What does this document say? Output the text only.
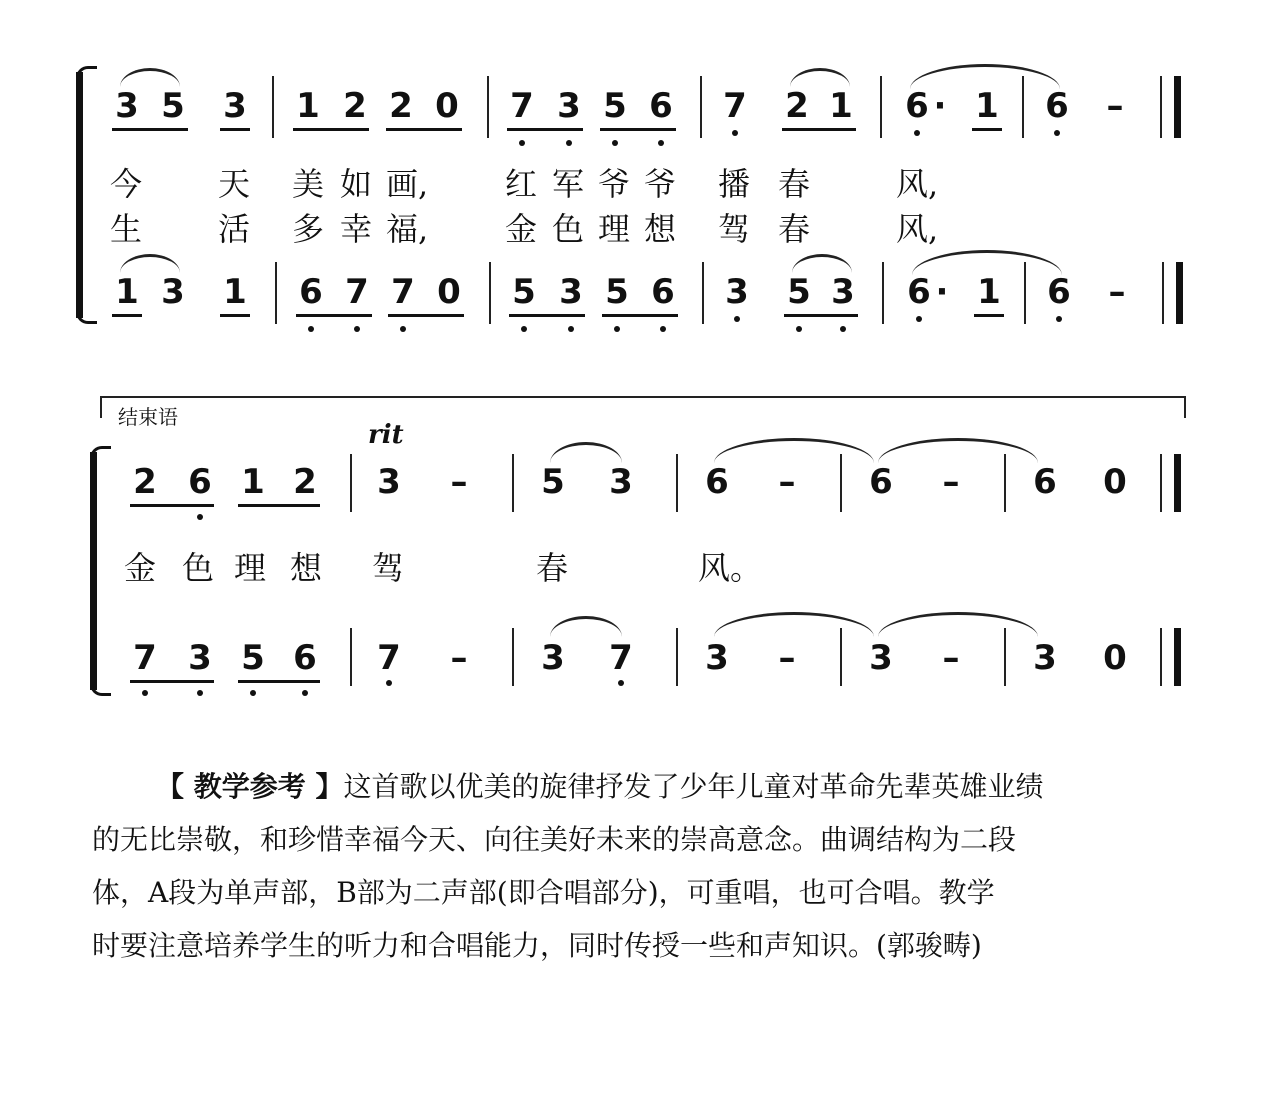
3 5 3 1 2 2 0 7 3 5 6 7 2 1 6 · 1 6 –
今 天 美 如 画, 红 军 爷 爷 播 春	风,
生 活 多 幸 福, 金 色 理 想 驾 春	风,
1 3 1 6 7 7 0 5 3 5 6 3 5 3 6 · 1 6 –
结束语
rit
2 6 1 2 3 – 5 3 6 – 6 – 6 0
金 色 理 想 驾	春	风。
7 3 5 6 7 – 3 7 3 – 3 – 3 0
【 教学参考 】这首歌以优美的旋律抒发了少年儿童对革命先辈英雄业绩
的无比崇敬，和珍惜幸福今天、向往美好未来的崇高意念。曲调结构为二段
体，A段为单声部，B部为二声部(即合唱部分)，可重唱，也可合唱。教学
时要注意培养学生的听力和合唱能力，同时传授一些和声知识。(郭骏畴)
